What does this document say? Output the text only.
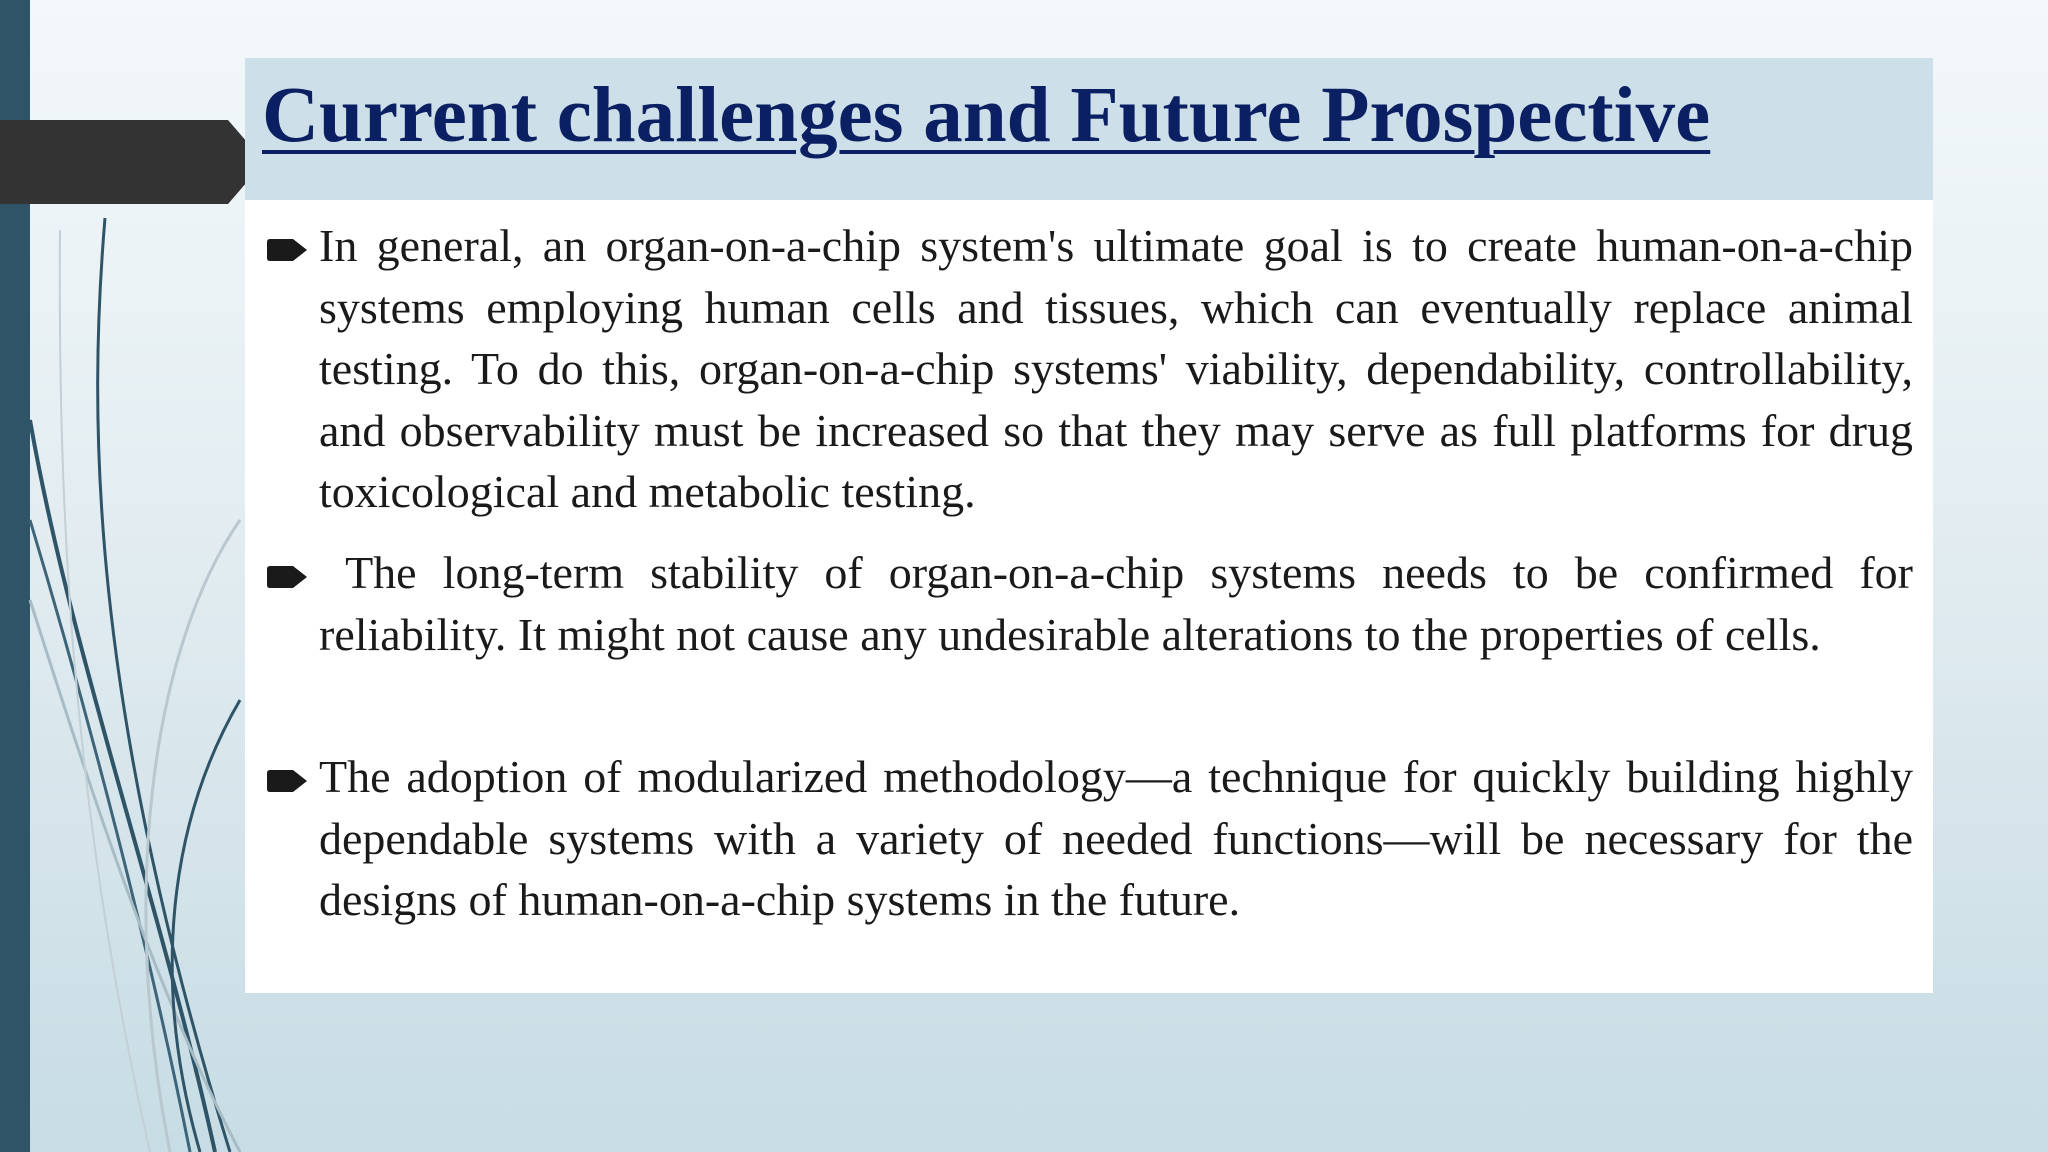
Current challenges and Future Prospective

In general, an organ-on-a-chip system's ultimate goal is to create human-on-a-chip systems employing human cells and tissues, which can eventually replace animal testing. To do this, organ-on-a-chip systems' viability, dependability, controllability, and observability must be increased so that they may serve as full platforms for drug toxicological and metabolic testing.

The long-term stability of organ-on-a-chip systems needs to be confirmed for reliability. It might not cause any undesirable alterations to the properties of cells.

The adoption of modularized methodology—a technique for quickly building highly dependable systems with a variety of needed functions—will be necessary for the designs of human-on-a-chip systems in the future.
